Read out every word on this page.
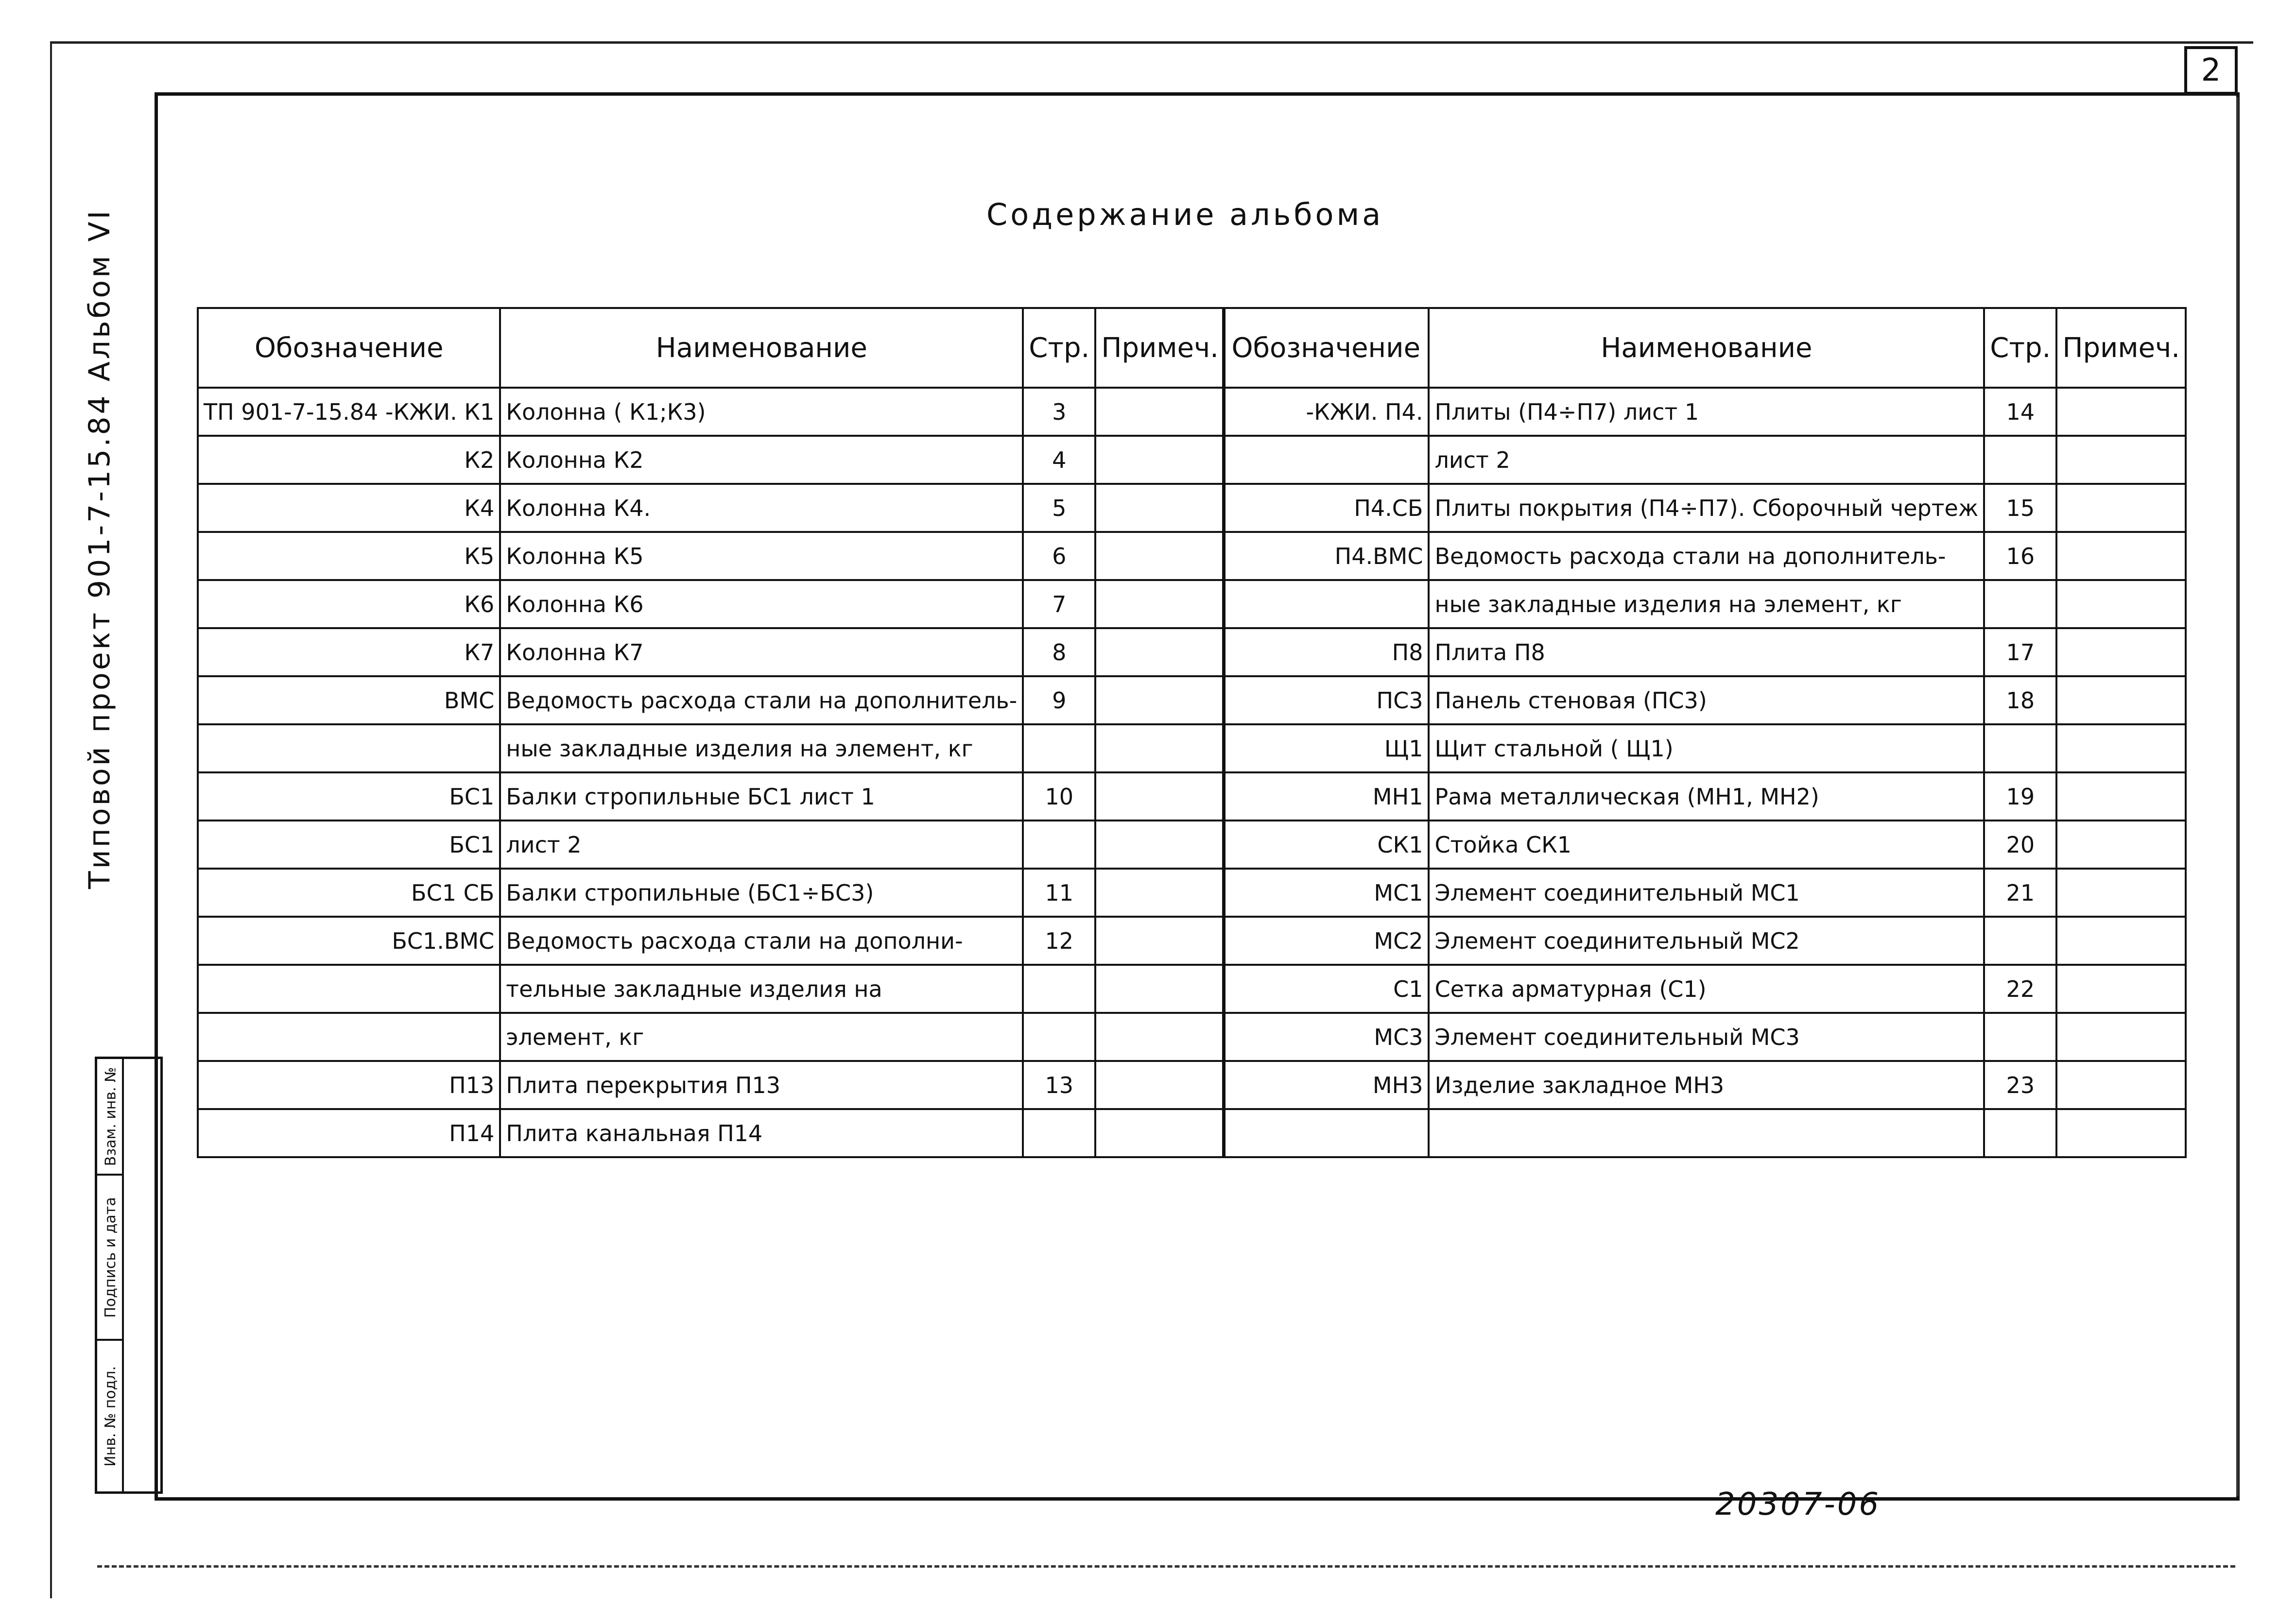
2
Типовой проект 901-7-15.84 Альбом VI
Взам. инв. №
Подпись и дата
Инв. № подл.
Содержание альбома
Обозначение	Наименование	Стр.	Примеч.
ТП 901-7-15.84 -КЖИ. К1	Колонна ( К1;К3)	3	
К2	Колонна К2	4	
К4	Колонна К4.	5	
К5	Колонна К5	6	
К6	Колонна К6	7	
К7	Колонна К7	8	
ВМС	Ведомость расхода стали на дополнитель-	9	
	ные закладные изделия на элемент, кг		
БС1	Балки стропильные БС1 лист 1	10	
БС1	лист 2		
БС1 СБ	Балки стропильные (БС1÷БС3)	11	
БС1.ВМС	Ведомость расхода стали на дополни-	12	
	тельные закладные изделия на		
	элемент, кг		
П13	Плита перекрытия П13	13	
П14	Плита канальная П14		
Обозначение	Наименование	Стр.	Примеч.
-КЖИ. П4.	Плиты (П4÷П7) лист 1	14	
	лист 2		
П4.СБ	Плиты покрытия (П4÷П7). Сборочный чертеж	15	
П4.ВМС	Ведомость расхода стали на дополнитель-	16	
	ные закладные изделия на элемент, кг		
П8	Плита П8	17	
ПС3	Панель стеновая (ПС3)	18	
Щ1	Щит стальной ( Щ1)		
МН1	Рама металлическая (МН1, МН2)	19	
СК1	Стойка СК1	20	
МС1	Элемент соединительный МС1	21	
МС2	Элемент соединительный МС2		
С1	Сетка арматурная (С1)	22	
МС3	Элемент соединительный МС3		
МН3	Изделие закладное МН3	23	

20307-06
